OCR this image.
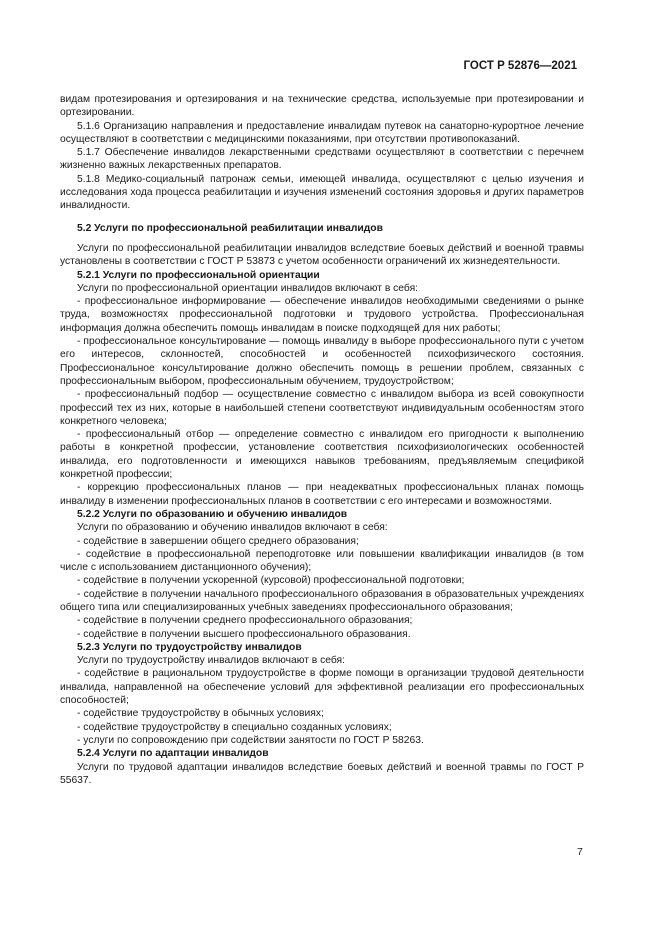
ГОСТ Р 52876—2021
видам протезирования и ортезирования и на технические средства, используемые при протезировании и ортезировании.
5.1.6 Организацию направления и предоставление инвалидам путевок на санаторно-курортное лечение осуществляют в соответствии с медицинскими показаниями, при отсутствии противопоказаний.
5.1.7 Обеспечение инвалидов лекарственными средствами осуществляют в соответствии с перечнем жизненно важных лекарственных препаратов.
5.1.8 Медико-социальный патронаж семьи, имеющей инвалида, осуществляют с целью изучения и исследования хода процесса реабилитации и изучения изменений состояния здоровья и других параметров инвалидности.
5.2 Услуги по профессиональной реабилитации инвалидов
Услуги по профессиональной реабилитации инвалидов вследствие боевых действий и военной травмы установлены в соответствии с ГОСТ Р 53873 с учетом особенности ограничений их жизнедеятельности.
5.2.1 Услуги по профессиональной ориентации
Услуги по профессиональной ориентации инвалидов включают в себя:
- профессиональное информирование — обеспечение инвалидов необходимыми сведениями о рынке труда, возможностях профессиональной подготовки и трудового устройства. Профессиональная информация должна обеспечить помощь инвалидам в поиске подходящей для них работы;
- профессиональное консультирование — помощь инвалиду в выборе профессионального пути с учетом его интересов, склонностей, способностей и особенностей психофизического состояния. Профессиональное консультирование должно обеспечить помощь в решении проблем, связанных с профессиональным выбором, профессиональным обучением, трудоустройством;
- профессиональный подбор — осуществление совместно с инвалидом выбора из всей совокупности профессий тех из них, которые в наибольшей степени соответствуют индивидуальным особенностям этого конкретного человека;
- профессиональный отбор — определение совместно с инвалидом его пригодности к выполнению работы в конкретной профессии, установление соответствия психофизиологических особенностей инвалида, его подготовленности и имеющихся навыков требованиям, предъявляемым спецификой конкретной профессии;
- коррекцию профессиональных планов — при неадекватных профессиональных планах помощь инвалиду в изменении профессиональных планов в соответствии с его интересами и возможностями.
5.2.2 Услуги по образованию и обучению инвалидов
Услуги по образованию и обучению инвалидов включают в себя:
- содействие в завершении общего среднего образования;
- содействие в профессиональной переподготовке или повышении квалификации инвалидов (в том числе с использованием дистанционного обучения);
- содействие в получении ускоренной (курсовой) профессиональной подготовки;
- содействие в получении начального профессионального образования в образовательных учреждениях общего типа или специализированных учебных заведениях профессионального образования;
- содействие в получении среднего профессионального образования;
- содействие в получении высшего профессионального образования.
5.2.3 Услуги по трудоустройству инвалидов
Услуги по трудоустройству инвалидов включают в себя:
- содействие в рациональном трудоустройстве в форме помощи в организации трудовой деятельности инвалида, направленной на обеспечение условий для эффективной реализации его профессиональных способностей;
- содействие трудоустройству в обычных условиях;
- содействие трудоустройству в специально созданных условиях;
- услуги по сопровождению при содействии занятости по ГОСТ Р 58263.
5.2.4 Услуги по адаптации инвалидов
Услуги по трудовой адаптации инвалидов вследствие боевых действий и военной травмы по ГОСТ Р 55637.
7
